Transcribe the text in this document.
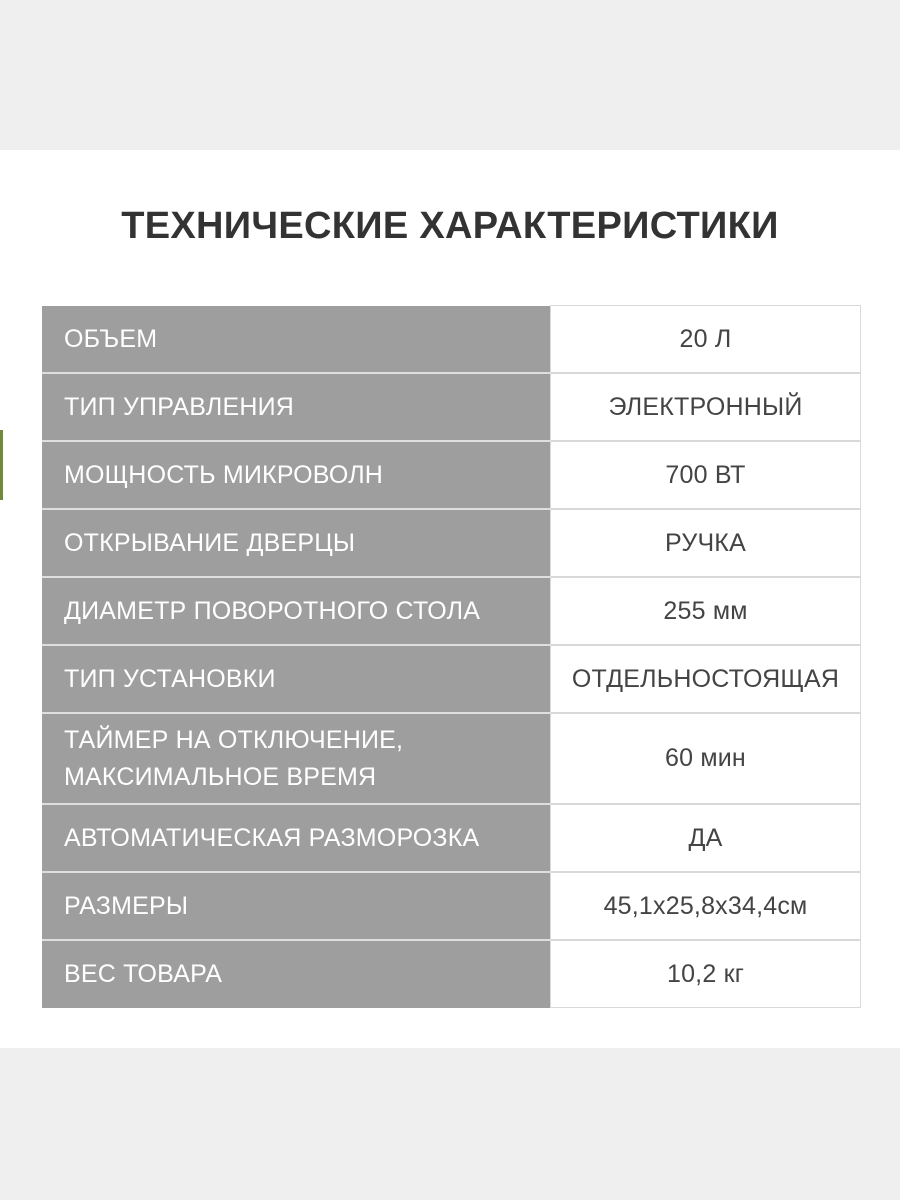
ТЕХНИЧЕСКИЕ ХАРАКТЕРИСТИКИ
ОБЪЕМ	20 Л
ТИП УПРАВЛЕНИЯ	ЭЛЕКТРОННЫЙ
МОЩНОСТЬ МИКРОВОЛН	700 ВТ
ОТКРЫВАНИЕ ДВЕРЦЫ	РУЧКА
ДИАМЕТР ПОВОРОТНОГО СТОЛА	255 мм
ТИП УСТАНОВКИ	ОТДЕЛЬНОСТОЯЩАЯ
ТАЙМЕР НА ОТКЛЮЧЕНИЕ,
МАКСИМАЛЬНОЕ ВРЕМЯ	60 мин
АВТОМАТИЧЕСКАЯ РАЗМОРОЗКА	ДА
РАЗМЕРЫ	45,1x25,8x34,4см
ВЕС ТОВАРА	10,2 кг
